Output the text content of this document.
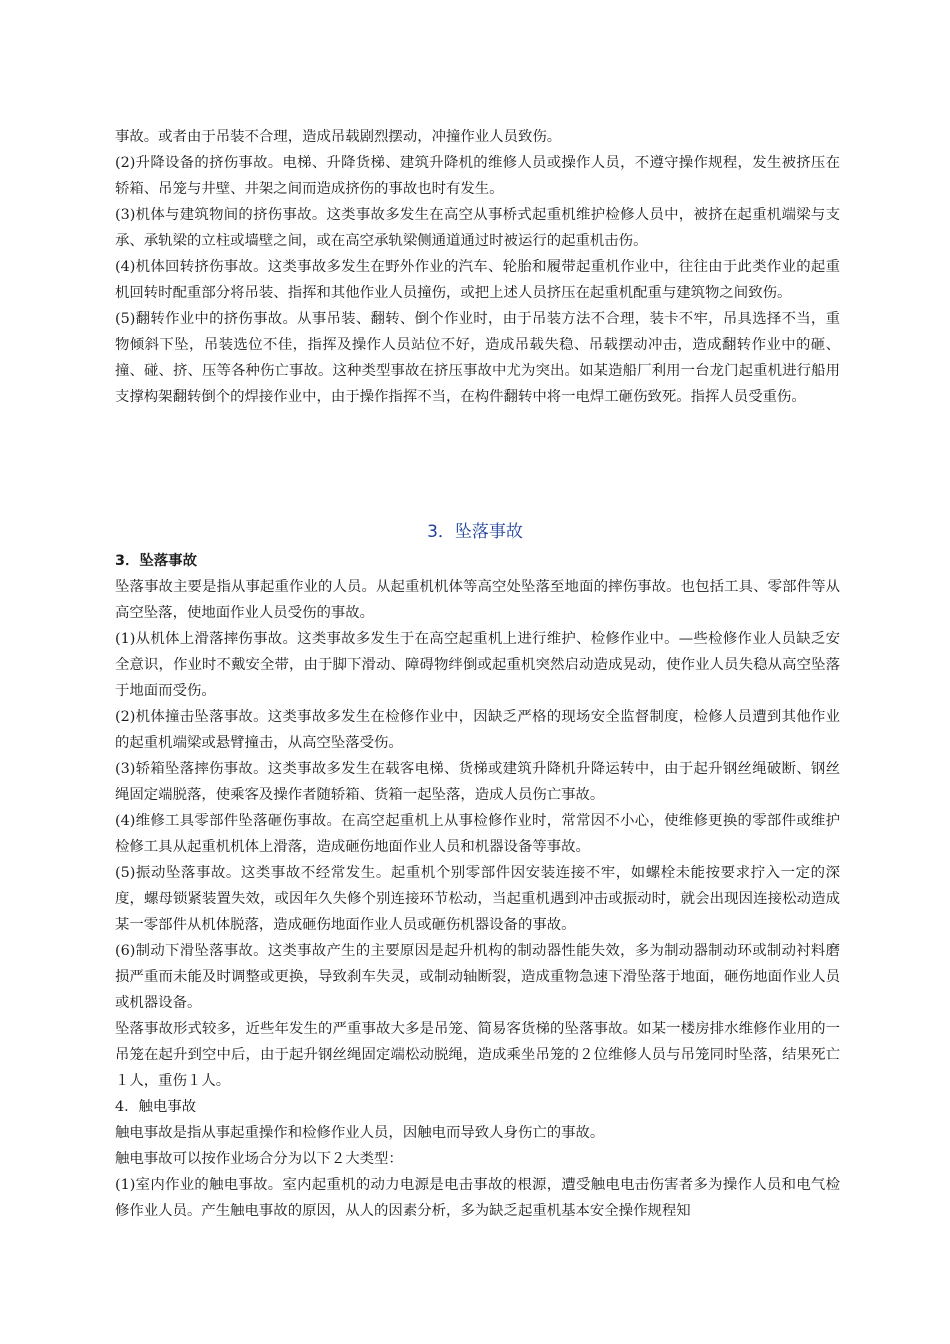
事故。或者由于吊装不合理，造成吊载剧烈摆动，冲撞作业人员致伤。
(2)升降设备的挤伤事故。电梯、升降货梯、建筑升降机的维修人员或操作人员，不遵守操作规程，发生被挤压在轿箱、吊笼与井壁、井架之间而造成挤伤的事故也时有发生。
(3)机体与建筑物间的挤伤事故。这类事故多发生在高空从事桥式起重机维护检修人员中，被挤在起重机端梁与支承、承轨梁的立柱或墙壁之间，或在高空承轨梁侧通道通过时被运行的起重机击伤。
(4)机体回转挤伤事故。这类事故多发生在野外作业的汽车、轮胎和履带起重机作业中，往往由于此类作业的起重机回转时配重部分将吊装、指挥和其他作业人员撞伤，或把上述人员挤压在起重机配重与建筑物之间致伤。
(5)翻转作业中的挤伤事故。从事吊装、翻转、倒个作业时，由于吊装方法不合理，装卡不牢，吊具选择不当，重物倾斜下坠，吊装选位不佳，指挥及操作人员站位不好，造成吊载失稳、吊载摆动冲击，造成翻转作业中的砸、撞、碰、挤、压等各种伤亡事故。这种类型事故在挤压事故中尤为突出。如某造船厂利用一台龙门起重机进行船用支撑构架翻转倒个的焊接作业中，由于操作指挥不当，在构件翻转中将一电焊工砸伤致死。指挥人员受重伤。
3．坠落事故
3．坠落事故
坠落事故主要是指从事起重作业的人员。从起重机机体等高空处坠落至地面的摔伤事故。也包括工具、零部件等从高空坠落，使地面作业人员受伤的事故。
(1)从机体上滑落摔伤事故。这类事故多发生于在高空起重机上进行维护、检修作业中。—些检修作业人员缺乏安全意识，作业时不戴安全带，由于脚下滑动、障碍物绊倒或起重机突然启动造成晃动，使作业人员失稳从高空坠落于地面而受伤。
(2)机体撞击坠落事故。这类事故多发生在检修作业中，因缺乏严格的现场安全监督制度，检修人员遭到其他作业的起重机端梁或悬臂撞击，从高空坠落受伤。
(3)轿箱坠落摔伤事故。这类事故多发生在载客电梯、货梯或建筑升降机升降运转中，由于起升钢丝绳破断、钢丝绳固定端脱落，使乘客及操作者随轿箱、货箱一起坠落，造成人员伤亡事故。
(4)维修工具零部件坠落砸伤事故。在高空起重机上从事检修作业时，常常因不小心，使维修更换的零部件或维护检修工具从起重机机体上滑落，造成砸伤地面作业人员和机器设备等事故。
(5)振动坠落事故。这类事故不经常发生。起重机个别零部件因安装连接不牢，如螺栓未能按要求拧入一定的深度，螺母锁紧装置失效，或因年久失修个别连接环节松动，当起重机遇到冲击或振动时，就会出现因连接松动造成某一零部件从机体脱落，造成砸伤地面作业人员或砸伤机器设备的事故。
(6)制动下滑坠落事故。这类事故产生的主要原因是起升机构的制动器性能失效，多为制动器制动环或制动衬料磨损严重而未能及时调整或更换，导致刹车失灵，或制动轴断裂，造成重物急速下滑坠落于地面，砸伤地面作业人员或机器设备。
坠落事故形式较多，近些年发生的严重事故大多是吊笼、简易客货梯的坠落事故。如某一楼房排水维修作业用的一吊笼在起升到空中后，由于起升钢丝绳固定端松动脱绳，造成乘坐吊笼的２位维修人员与吊笼同时坠落，结果死亡１人，重伤１人。
4．触电事故
触电事故是指从事起重操作和检修作业人员，因触电而导致人身伤亡的事故。
触电事故可以按作业场合分为以下２大类型：
(1)室内作业的触电事故。室内起重机的动力电源是电击事故的根源，遭受触电电击伤害者多为操作人员和电气检修作业人员。产生触电事故的原因，从人的因素分析，多为缺乏起重机基本安全操作规程知
